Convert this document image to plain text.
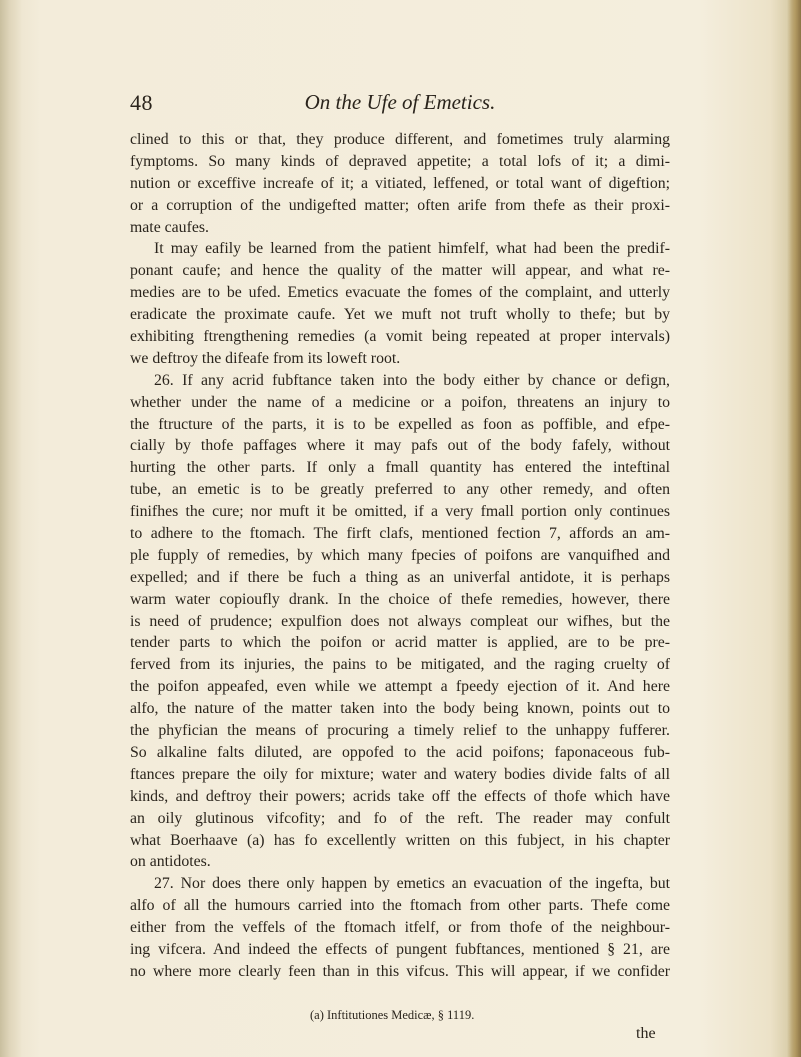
48	On the Ufe of Emetics.
clined to this or that, they produce different, and fometimes truly alarming
fymptoms. So many kinds of depraved appetite; a total lofs of it; a dimi-
nution or exceffive increafe of it; a vitiated, leffened, or total want of digeftion;
or a corruption of the undigefted matter; often arife from thefe as their proxi-
mate caufes.
It may eafily be learned from the patient himfelf, what had been the predif-
ponant caufe; and hence the quality of the matter will appear, and what re-
medies are to be ufed. Emetics evacuate the fomes of the complaint, and utterly
eradicate the proximate caufe. Yet we muft not truft wholly to thefe; but by
exhibiting ftrengthening remedies (a vomit being repeated at proper intervals)
we deftroy the difeafe from its loweft root.
26. If any acrid fubftance taken into the body either by chance or defign,
whether under the name of a medicine or a poifon, threatens an injury to
the ftructure of the parts, it is to be expelled as foon as poffible, and efpe-
cially by thofe paffages where it may pafs out of the body fafely, without
hurting the other parts. If only a fmall quantity has entered the inteftinal
tube, an emetic is to be greatly preferred to any other remedy, and often
finifhes the cure; nor muft it be omitted, if a very fmall portion only continues
to adhere to the ftomach. The firft clafs, mentioned fection 7, affords an am-
ple fupply of remedies, by which many fpecies of poifons are vanquifhed and
expelled; and if there be fuch a thing as an univerfal antidote, it is perhaps
warm water copioufly drank. In the choice of thefe remedies, however, there
is need of prudence; expulfion does not always compleat our wifhes, but the
tender parts to which the poifon or acrid matter is applied, are to be pre-
ferved from its injuries, the pains to be mitigated, and the raging cruelty of
the poifon appeafed, even while we attempt a fpeedy ejection of it. And here
alfo, the nature of the matter taken into the body being known, points out to
the phyfician the means of procuring a timely relief to the unhappy fufferer.
So alkaline falts diluted, are oppofed to the acid poifons; faponaceous fub-
ftances prepare the oily for mixture; water and watery bodies divide falts of all
kinds, and deftroy their powers; acrids take off the effects of thofe which have
an oily glutinous vifcofity; and fo of the reft. The reader may confult
what Boerhaave (a) has fo excellently written on this fubject, in his chapter
on antidotes.
27. Nor does there only happen by emetics an evacuation of the ingefta, but
alfo of all the humours carried into the ftomach from other parts. Thefe come
either from the veffels of the ftomach itfelf, or from thofe of the neighbour-
ing vifcera. And indeed the effects of pungent fubftances, mentioned § 21, are
no where more clearly feen than in this vifcus. This will appear, if we confider
(a) Inftitutiones Medicæ, § 1119.
the
